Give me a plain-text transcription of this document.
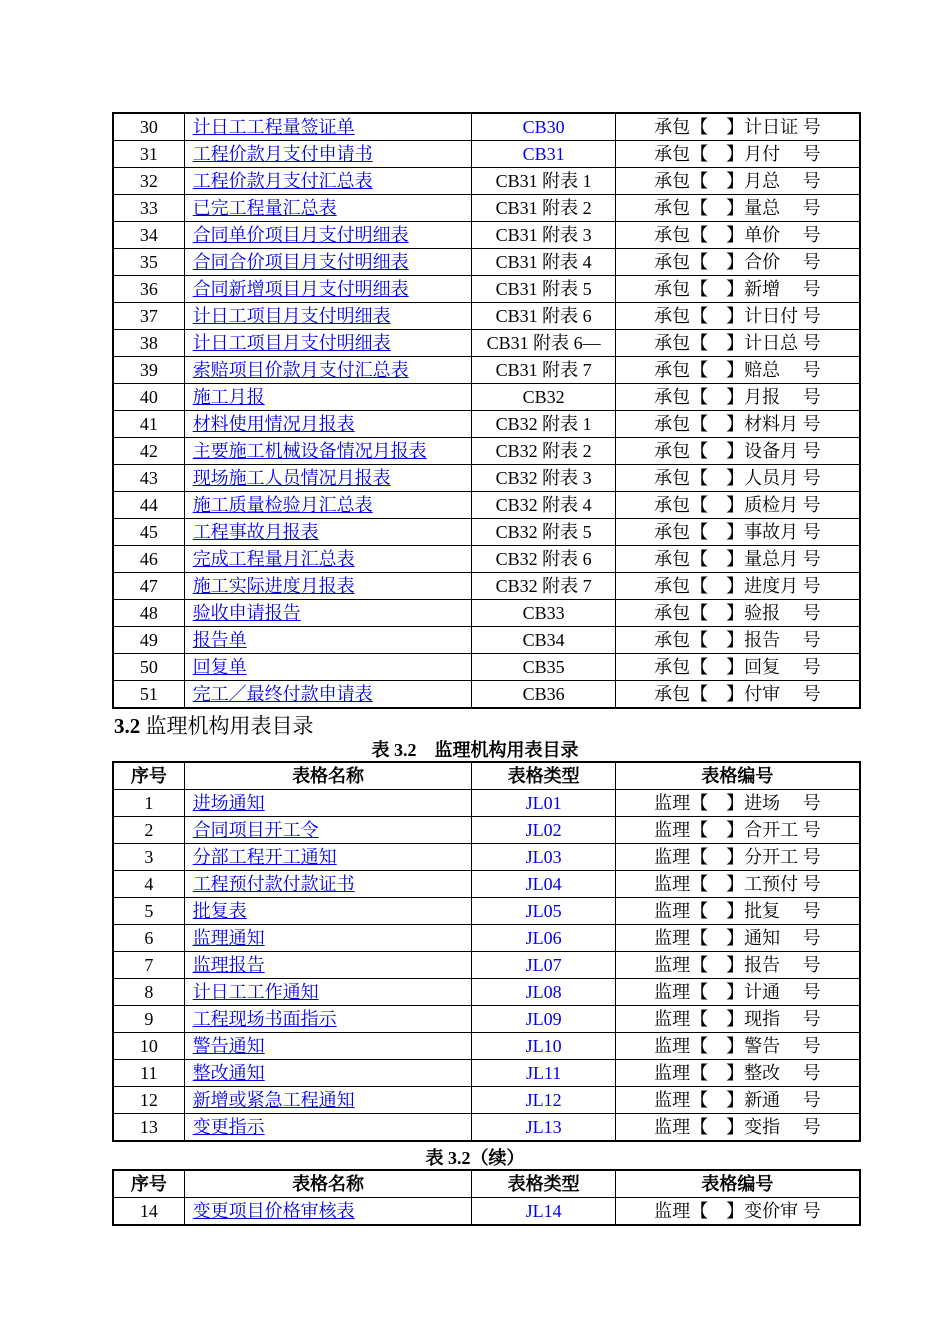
30	计日工工程量签证单	CB30	承包【　】计日证 号
31	工程价款月支付申请书	CB31	承包【　】月付　 号
32	工程价款月支付汇总表	CB31 附表 1	承包【　】月总　 号
33	已完工程量汇总表	CB31 附表 2	承包【　】量总　 号
34	合同单价项目月支付明细表	CB31 附表 3	承包【　】单价　 号
35	合同合价项目月支付明细表	CB31 附表 4	承包【　】合价　 号
36	合同新增项目月支付明细表	CB31 附表 5	承包【　】新增　 号
37	计日工项目月支付明细表	CB31 附表 6	承包【　】计日付 号
38	计日工项目月支付明细表	CB31 附表 6—	承包【　】计日总 号
39	索赔项目价款月支付汇总表	CB31 附表 7	承包【　】赔总　 号
40	施工月报	CB32	承包【　】月报　 号
41	材料使用情况月报表	CB32 附表 1	承包【　】材料月 号
42	主要施工机械设备情况月报表	CB32 附表 2	承包【　】设备月 号
43	现场施工人员情况月报表	CB32 附表 3	承包【　】人员月 号
44	施工质量检验月汇总表	CB32 附表 4	承包【　】质检月 号
45	工程事故月报表	CB32 附表 5	承包【　】事故月 号
46	完成工程量月汇总表	CB32 附表 6	承包【　】量总月 号
47	施工实际进度月报表	CB32 附表 7	承包【　】进度月 号
48	验收申请报告	CB33	承包【　】验报　 号
49	报告单	CB34	承包【　】报告　 号
50	回复单	CB35	承包【　】回复　 号
51	完工／最终付款申请表	CB36	承包【　】付审　 号
3.2 监理机构用表目录
表 3.2　监理机构用表目录
序号	表格名称	表格类型	表格编号
1	进场通知	JL01	监理【　】进场　 号
2	合同项目开工令	JL02	监理【　】合开工 号
3	分部工程开工通知	JL03	监理【　】分开工 号
4	工程预付款付款证书	JL04	监理【　】工预付 号
5	批复表	JL05	监理【　】批复　 号
6	监理通知	JL06	监理【　】通知　 号
7	监理报告	JL07	监理【　】报告　 号
8	计日工工作通知	JL08	监理【　】计通　 号
9	工程现场书面指示	JL09	监理【　】现指　 号
10	警告通知	JL10	监理【　】警告　 号
11	整改通知	JL11	监理【　】整改　 号
12	新增或紧急工程通知	JL12	监理【　】新通　 号
13	变更指示	JL13	监理【　】变指　 号
表 3.2（续）
序号	表格名称	表格类型	表格编号
14	变更项目价格审核表	JL14	监理【　】变价审 号
